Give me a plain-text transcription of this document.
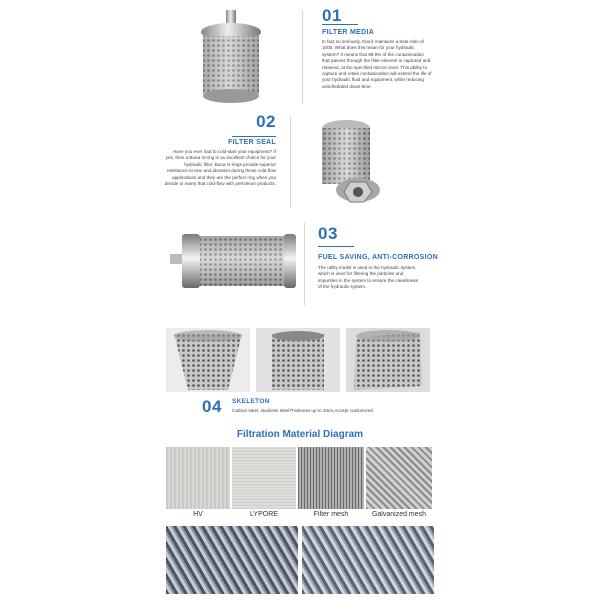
01
FILTER MEDIA
In fact so seriously, that it maintains a beta ratio of 1000. What does this mean for your hydraulic system? It means that 99.9% of the contamination that passes through the filter element is captured and retained, at the specified micron level. This ability to capture and retain contamination will extend the life of your hydraulic fluid and equipment, while reducing unscheduled down-time.
02
FILTER SEAL
Have you ever had to cold-start your equipment? If yes, then a Buna O-ring is an excellent choice for your hydraulic filter. Buna O-rings provide superior resistance to tear and abrasion during those cold-flow applications and they are the perfect ring when you decide to marry that cold-flow with petroleum products.
03
FUEL SAVING, ANTI-CORROSION
The utility model is used in the hydraulic system, which is used for filtering the particles and impurities in the system to ensure the cleanliness of the hydraulic system.
04 SKELETON
Carbon steel, stainless steelThickness up to 3mm,Accept customized
Filtration Material Diagram
HV	LYPORE	Filter mesh	Galvanized mesh
